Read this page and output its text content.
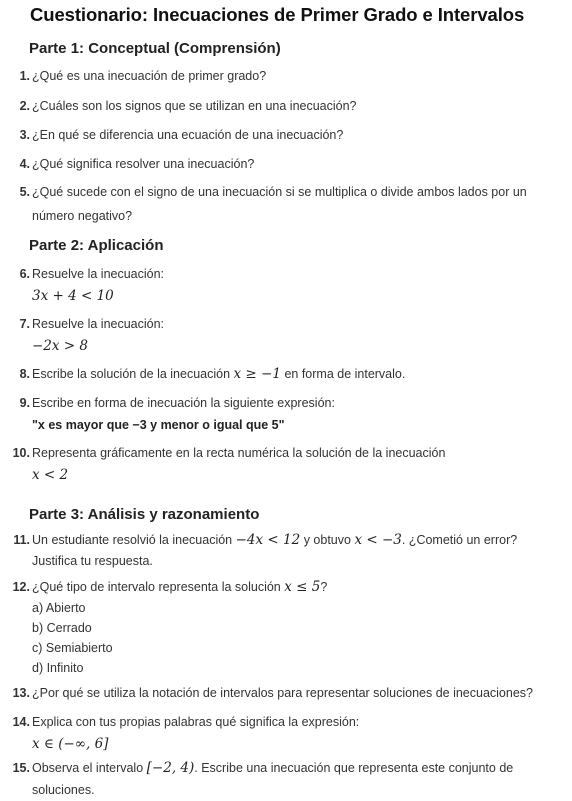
Cuestionario: Inecuaciones de Primer Grado e Intervalos
Parte 1: Conceptual (Comprensión)
1. ¿Qué es una inecuación de primer grado?
2. ¿Cuáles son los signos que se utilizan en una inecuación?
3. ¿En qué se diferencia una ecuación de una inecuación?
4. ¿Qué significa resolver una inecuación?
5. ¿Qué sucede con el signo de una inecuación si se multiplica o divide ambos lados por un número negativo?
Parte 2: Aplicación
6. Resuelve la inecuación:
3x + 4 < 10
7. Resuelve la inecuación:
−2x > 8
8. Escribe la solución de la inecuación x ≥ −1 en forma de intervalo.
9. Escribe en forma de inecuación la siguiente expresión:
"x es mayor que −3 y menor o igual que 5"
10. Representa gráficamente en la recta numérica la solución de la inecuación
x < 2
Parte 3: Análisis y razonamiento
11. Un estudiante resolvió la inecuación −4x < 12 y obtuvo x < −3. ¿Cometió un error? Justifica tu respuesta.
12. ¿Qué tipo de intervalo representa la solución x ≤ 5?
a) Abierto
b) Cerrado
c) Semiabierto
d) Infinito
13. ¿Por qué se utiliza la notación de intervalos para representar soluciones de inecuaciones?
14. Explica con tus propias palabras qué significa la expresión:
x ∈ (−∞, 6]
15. Observa el intervalo [−2, 4). Escribe una inecuación que representa este conjunto de soluciones.
